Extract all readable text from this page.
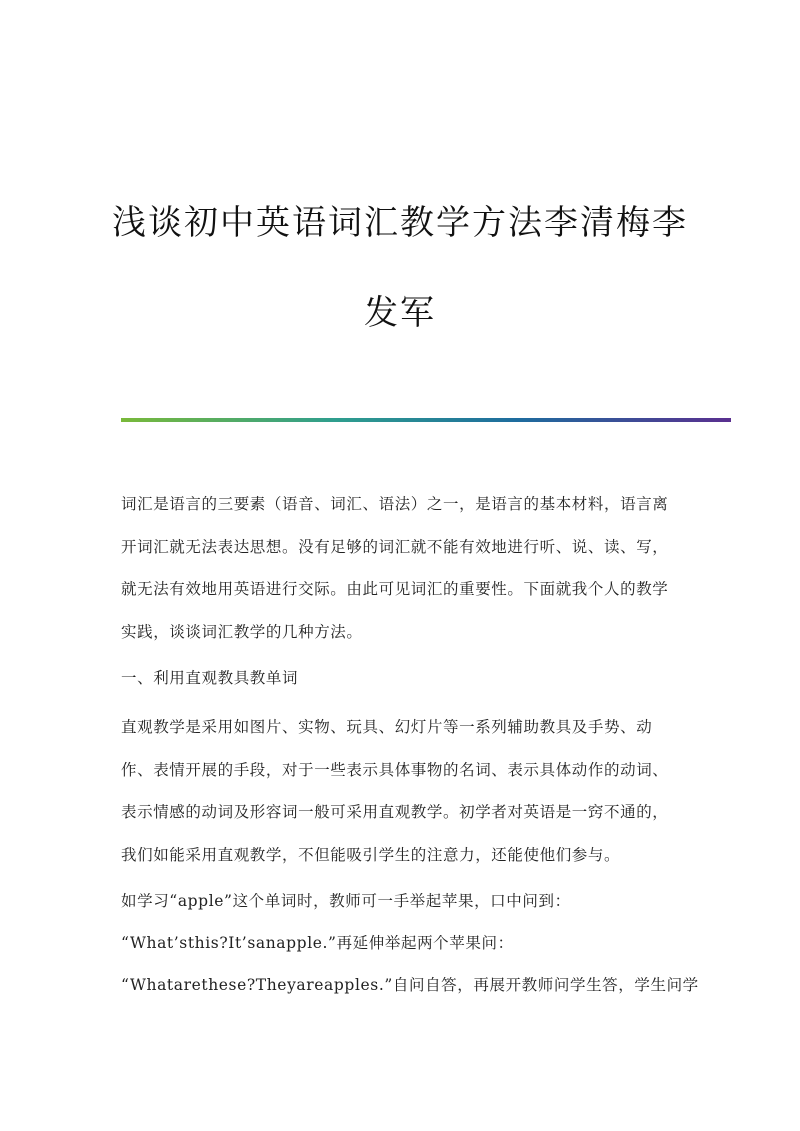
浅谈初中英语词汇教学方法李清梅李发军

词汇是语言的三要素（语音、词汇、语法）之一，是语言的基本材料，语言离开词汇就无法表达思想。没有足够的词汇就不能有效地进行听、说、读、写，就无法有效地用英语进行交际。由此可见词汇的重要性。下面就我个人的教学实践，谈谈词汇教学的几种方法。

一、利用直观教具教单词

直观教学是采用如图片、实物、玩具、幻灯片等一系列辅助教具及手势、动作、表情开展的手段，对于一些表示具体事物的名词、表示具体动作的动词、表示情感的动词及形容词一般可采用直观教学。初学者对英语是一窍不通的，我们如能采用直观教学，不但能吸引学生的注意力，还能使他们参与。

如学习“apple”这个单词时，教师可一手举起苹果，口中问到：

“What’sthis?It’sanapple.”再延伸举起两个苹果问：

“Whatarethese?Theyareapples.”自问自答，再展开教师问学生答，学生问学
